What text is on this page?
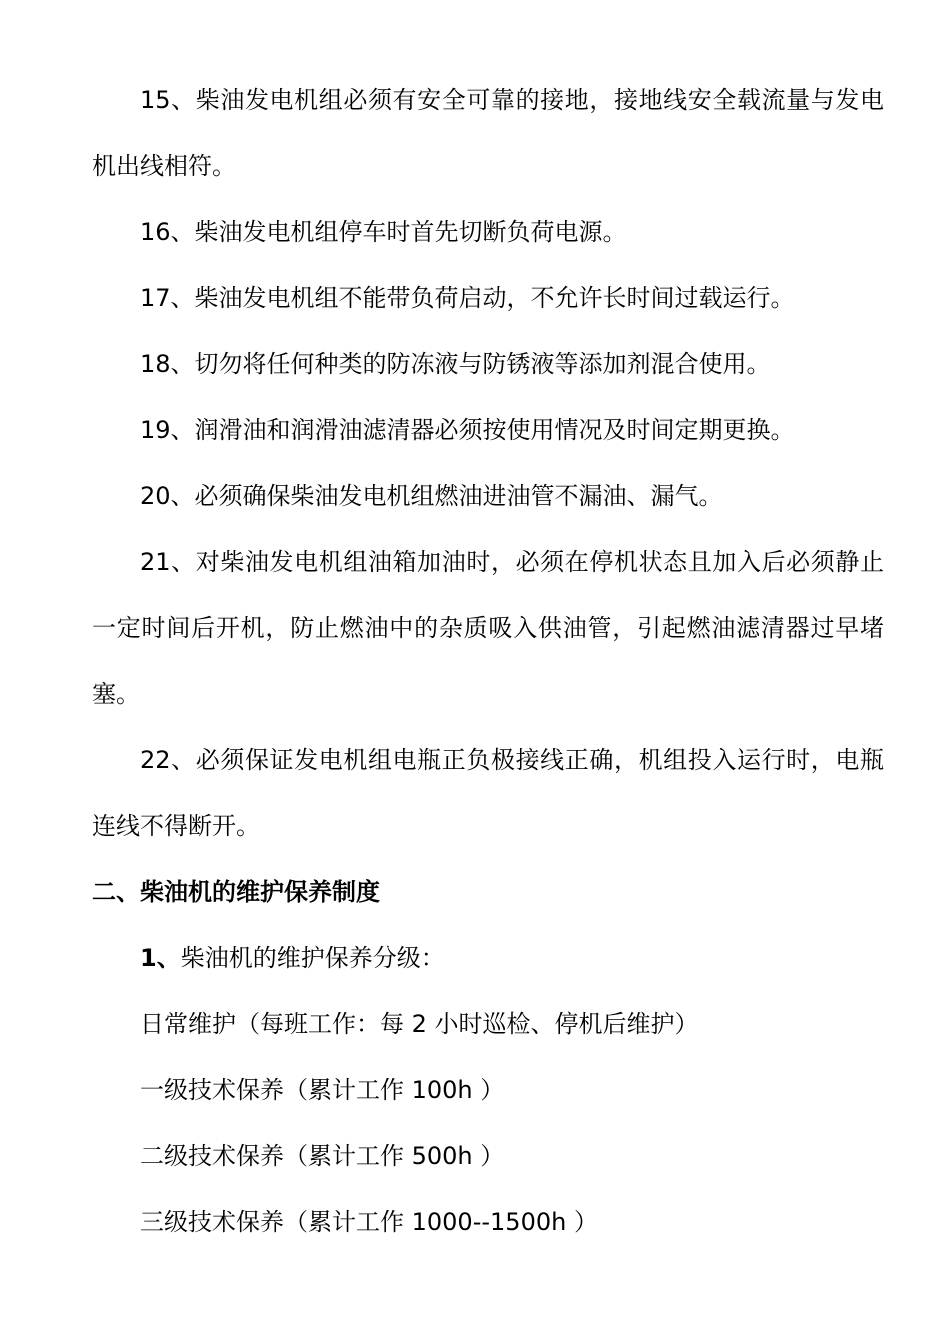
15、柴油发电机组必须有安全可靠的接地，接地线安全载流量与发电机出线相符。

16、柴油发电机组停车时首先切断负荷电源。

17、柴油发电机组不能带负荷启动，不允许长时间过载运行。

18、切勿将任何种类的防冻液与防锈液等添加剂混合使用。

19、润滑油和润滑油滤清器必须按使用情况及时间定期更换。

20、必须确保柴油发电机组燃油进油管不漏油、漏气。

21、对柴油发电机组油箱加油时，必须在停机状态且加入后必须静止一定时间后开机，防止燃油中的杂质吸入供油管，引起燃油滤清器过早堵塞。

22、必须保证发电机组电瓶正负极接线正确，机组投入运行时，电瓶连线不得断开。

二、柴油机的维护保养制度

1、柴油机的维护保养分级：

日常维护（每班工作：每 2 小时巡检、停机后维护）

一级技术保养（累计工作 100h ）

二级技术保养（累计工作 500h ）

三级技术保养（累计工作 1000--1500h ）
